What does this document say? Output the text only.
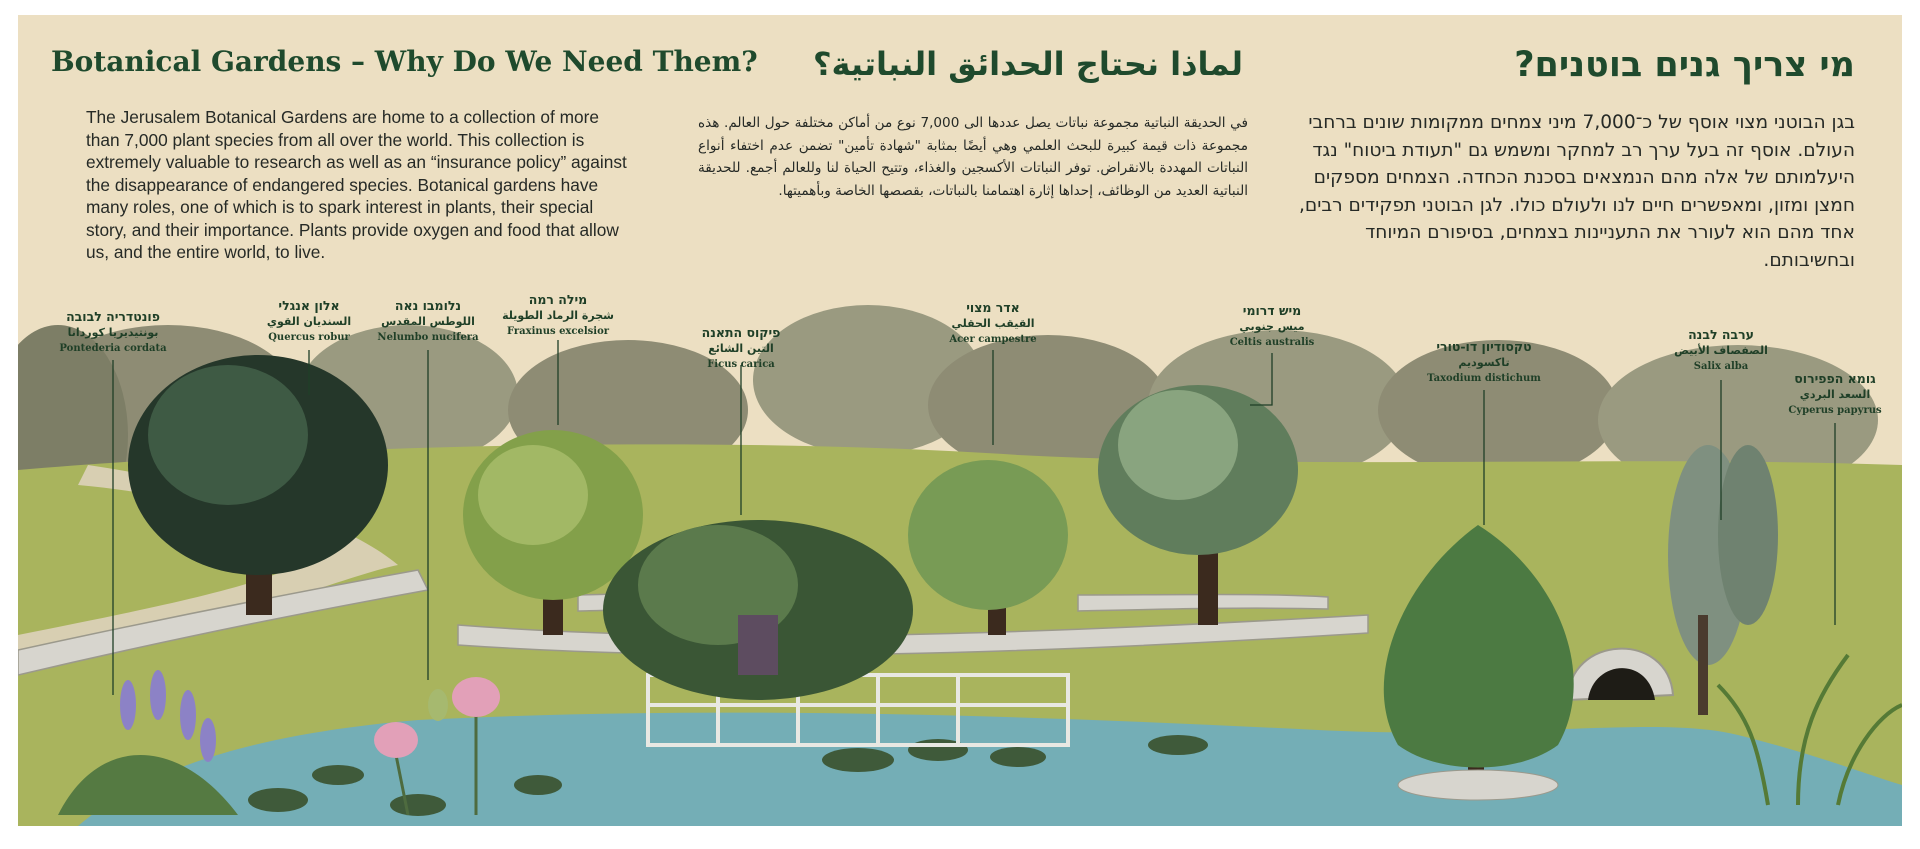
Botanical Gardens – Why Do We Need Them?	لماذا نحتاج الحدائق النباتية؟	מי צריך גנים בוטנים?

The Jerusalem Botanical Gardens are home to a collection of more than 7,000 plant species from all over the world. This collection is extremely valuable to research as well as an “insurance policy” against the disappearance of endangered species. Botanical gardens have many roles, one of which is to spark interest in plants, their special story, and their importance. Plants provide oxygen and food that allow us, and the entire world, to live.

في الحديقة النباتية مجموعة نباتات يصل عددها الى 7,000 نوع من أماكن مختلفة حول العالم. هذه مجموعة ذات قيمة كبيرة للبحث العلمي وهي أيضًا بمثابة "شهادة تأمين" تضمن عدم اختفاء أنواع النباتات المهددة بالانقراض. توفر النباتات الأكسجين والغذاء، وتتيح الحياة لنا وللعالم أجمع. للحديقة النباتية العديد من الوظائف، إحداها إثارة اهتمامنا بالنباتات، بقصصها الخاصة وبأهميتها.

בגן הבוטני מצוי אוסף של כ־7,000 מיני צמחים ממקומות שונים ברחבי העולם. אוסף זה בעל ערך רב למחקר ומשמש גם "תעודת ביטוח" נגד היעלמותם של אלה מהם הנמצאים בסכנת הכחדה. הצמחים מספקים חמצן ומזון, ומאפשרים חיים לנו ולעולם כולו. לגן הבוטני תפקידים רבים, אחד מהם הוא לעורר את התעניינות בצמחים, בסיפורם המיוחד ובחשיבותם.

פונטדריה לבובה
بونتيديريا كوردانا
Pontederia cordata
אלון אנגלי
السنديان القوي
Quercus robur
נלומבו נאה
اللوطس المقدس
Nelumbo nucifera
מילה רמה
شجرة الرماد الطويلة
Fraxinus excelsior	פיקוס התאנה
التين الشائع
Ficus carica
אדר מצוי
القيقب الحقلي
Acer campestre
מיש דרומי
ميس جنوبي
Celtis australis	טקסודיון דו-טורי
تاكسوديم
Taxodium distichum
ערבה לבנה
الصفصاف الأبيض
Salix alba
גומא הפפירוס
السعد البردي
Cyperus papyrus
